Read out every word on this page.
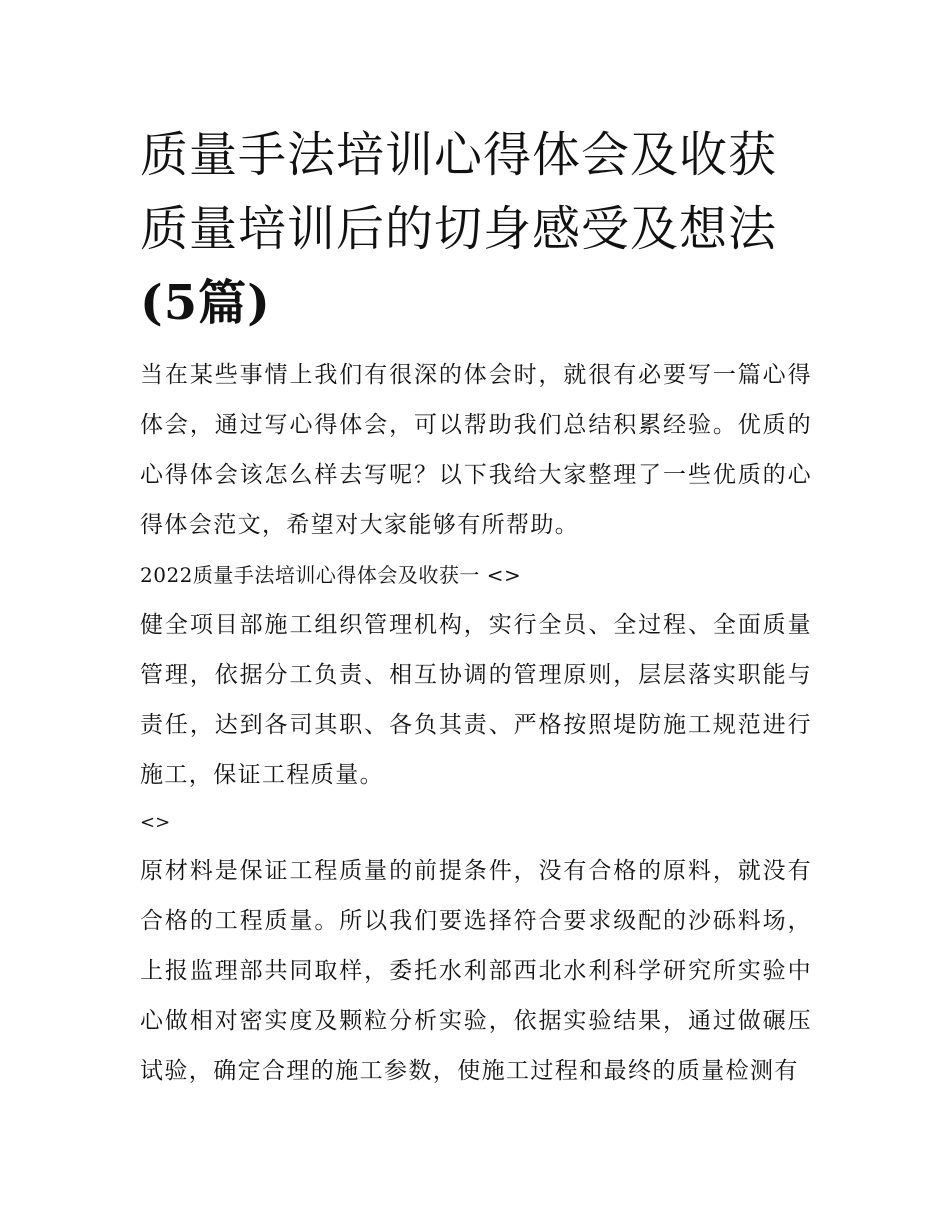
质量手法培训心得体会及收获
质量培训后的切身感受及想法
(5篇)

当在某些事情上我们有很深的体会时，就很有必要写一篇心得体会，通过写心得体会，可以帮助我们总结积累经验。优质的心得体会该怎么样去写呢？以下我给大家整理了一些优质的心得体会范文，希望对大家能够有所帮助。

2022质量手法培训心得体会及收获一 <>

健全项目部施工组织管理机构，实行全员、全过程、全面质量管理，依据分工负责、相互协调的管理原则，层层落实职能与责任，达到各司其职、各负其责、严格按照堤防施工规范进行施工，保证工程质量。

<>

原材料是保证工程质量的前提条件，没有合格的原料，就没有合格的工程质量。所以我们要选择符合要求级配的沙砾料场，上报监理部共同取样，委托水利部西北水利科学研究所实验中心做相对密实度及颗粒分析实验，依据实验结果，通过做碾压试验，确定合理的施工参数，使施工过程和最终的质量检测有
